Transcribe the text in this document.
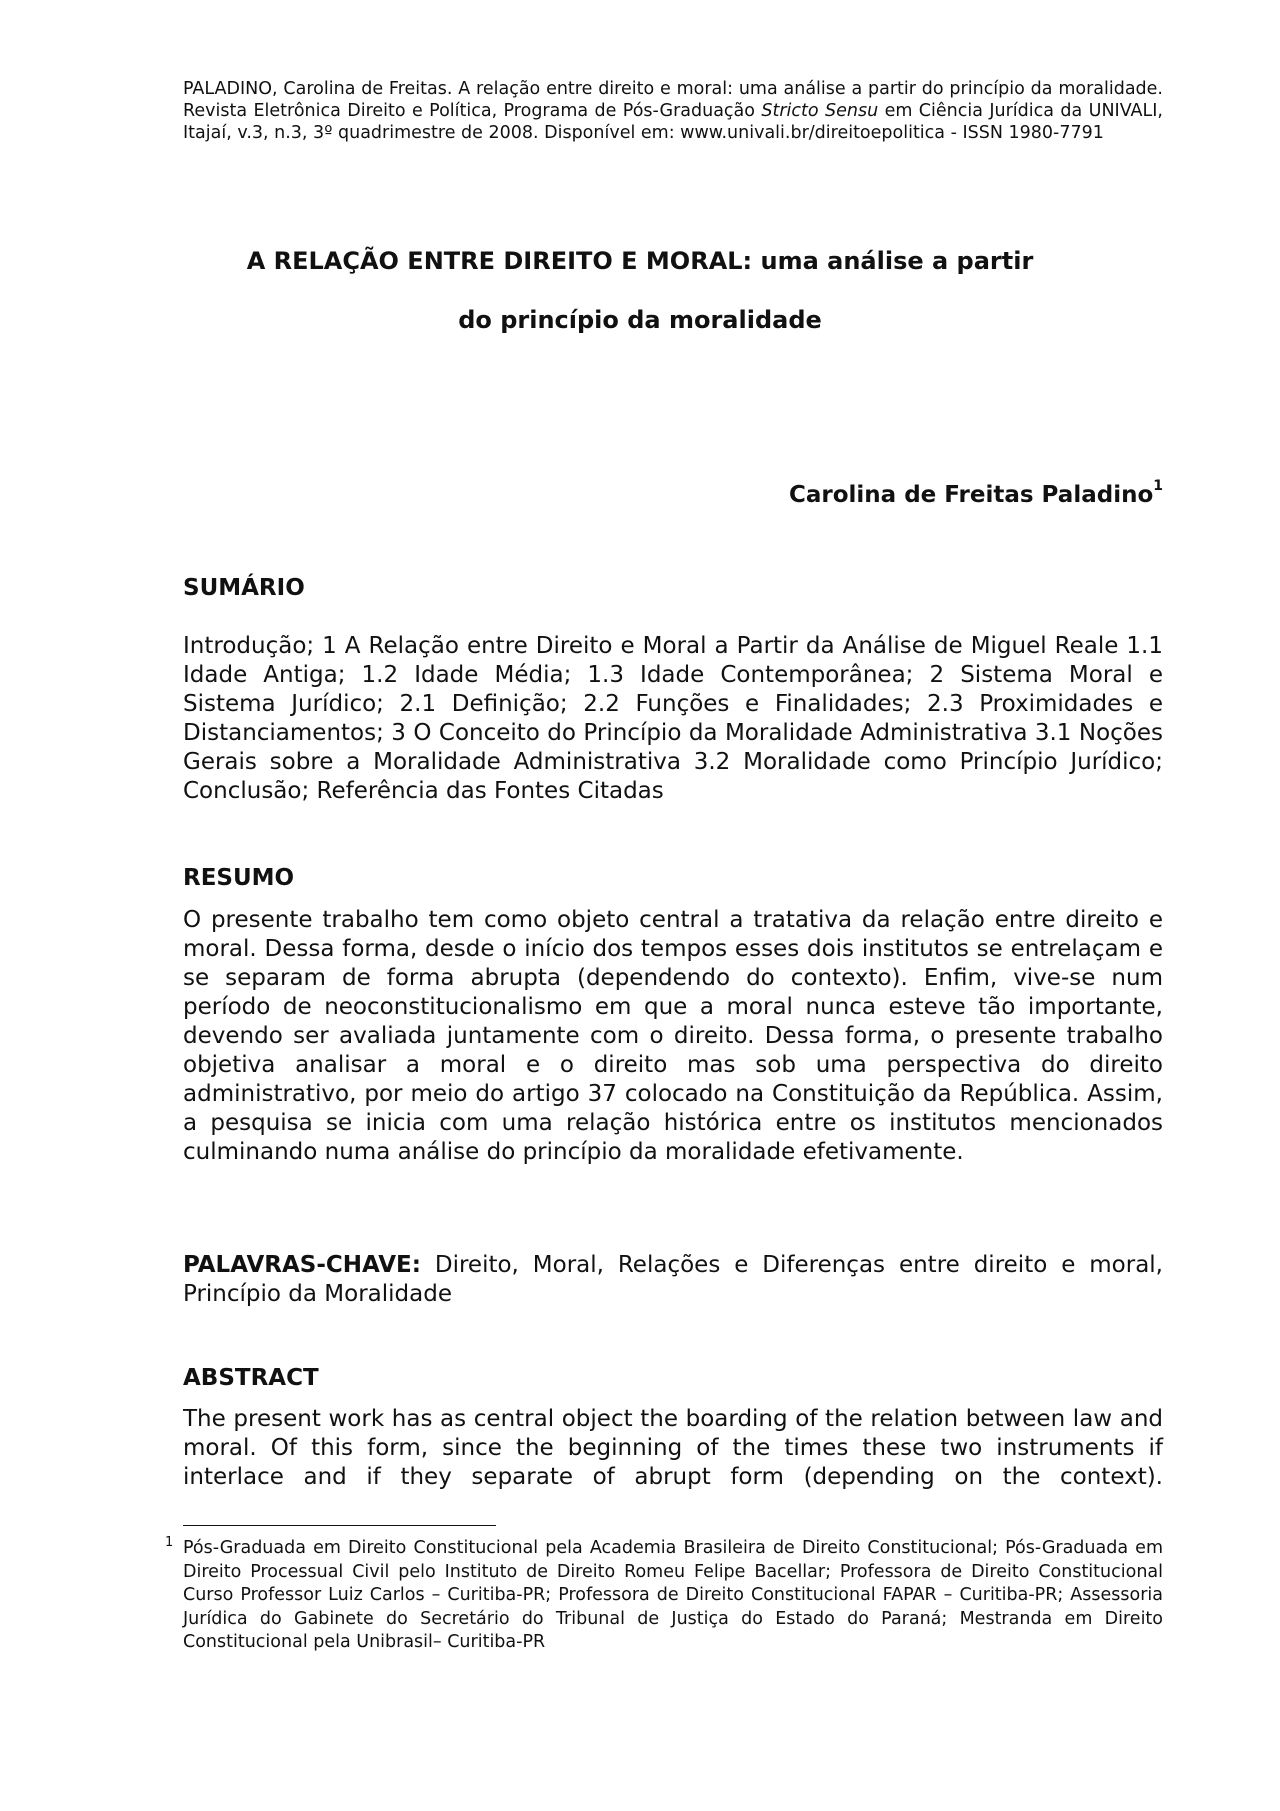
PALADINO, Carolina de Freitas. A relação entre direito e moral: uma análise a partir do princípio da moralidade. Revista Eletrônica Direito e Política, Programa de Pós-Graduação Stricto Sensu em Ciência Jurídica da UNIVALI, Itajaí, v.3, n.3, 3º quadrimestre de 2008. Disponível em: www.univali.br/direitoepolitica - ISSN 1980-7791
A RELAÇÃO ENTRE DIREITO E MORAL: uma análise a partir
do princípio da moralidade
Carolina de Freitas Paladino$^1$
SUMÁRIO
Introdução; 1 A Relação entre Direito e Moral a Partir da Análise de Miguel Reale 1.1 Idade Antiga; 1.2 Idade Média; 1.3 Idade Contemporânea; 2 Sistema Moral e Sistema Jurídico; 2.1 Definição; 2.2 Funções e Finalidades; 2.3 Proximidades e Distanciamentos; 3 O Conceito do Princípio da Moralidade Administrativa 3.1 Noções Gerais sobre a Moralidade Administrativa 3.2 Moralidade como Princípio Jurídico; Conclusão; Referência das Fontes Citadas
RESUMO
O presente trabalho tem como objeto central a tratativa da relação entre direito e moral. Dessa forma, desde o início dos tempos esses dois institutos se entrelaçam e se separam de forma abrupta (dependendo do contexto). Enfim, vive-se num período de neoconstitucionalismo em que a moral nunca esteve tão importante, devendo ser avaliada juntamente com o direito. Dessa forma, o presente trabalho objetiva analisar a moral e o direito mas sob uma perspectiva do direito administrativo, por meio do artigo 37 colocado na Constituição da República. Assim, a pesquisa se inicia com uma relação histórica entre os institutos mencionados culminando numa análise do princípio da moralidade efetivamente.
PALAVRAS-CHAVE: Direito, Moral, Relações e Diferenças entre direito e moral, Princípio da Moralidade
ABSTRACT
The present work has as central object the boarding of the relation between law and moral. Of this form, since the beginning of the times these two instruments if interlace and if they separate of abrupt form (depending on the context).
1 Pós-Graduada em Direito Constitucional pela Academia Brasileira de Direito Constitucional; Pós-Graduada em Direito Processual Civil pelo Instituto de Direito Romeu Felipe Bacellar; Professora de Direito Constitucional Curso Professor Luiz Carlos – Curitiba-PR; Professora de Direito Constitucional FAPAR – Curitiba-PR; Assessoria Jurídica do Gabinete do Secretário do Tribunal de Justiça do Estado do Paraná; Mestranda em Direito Constitucional pela Unibrasil– Curitiba-PR
